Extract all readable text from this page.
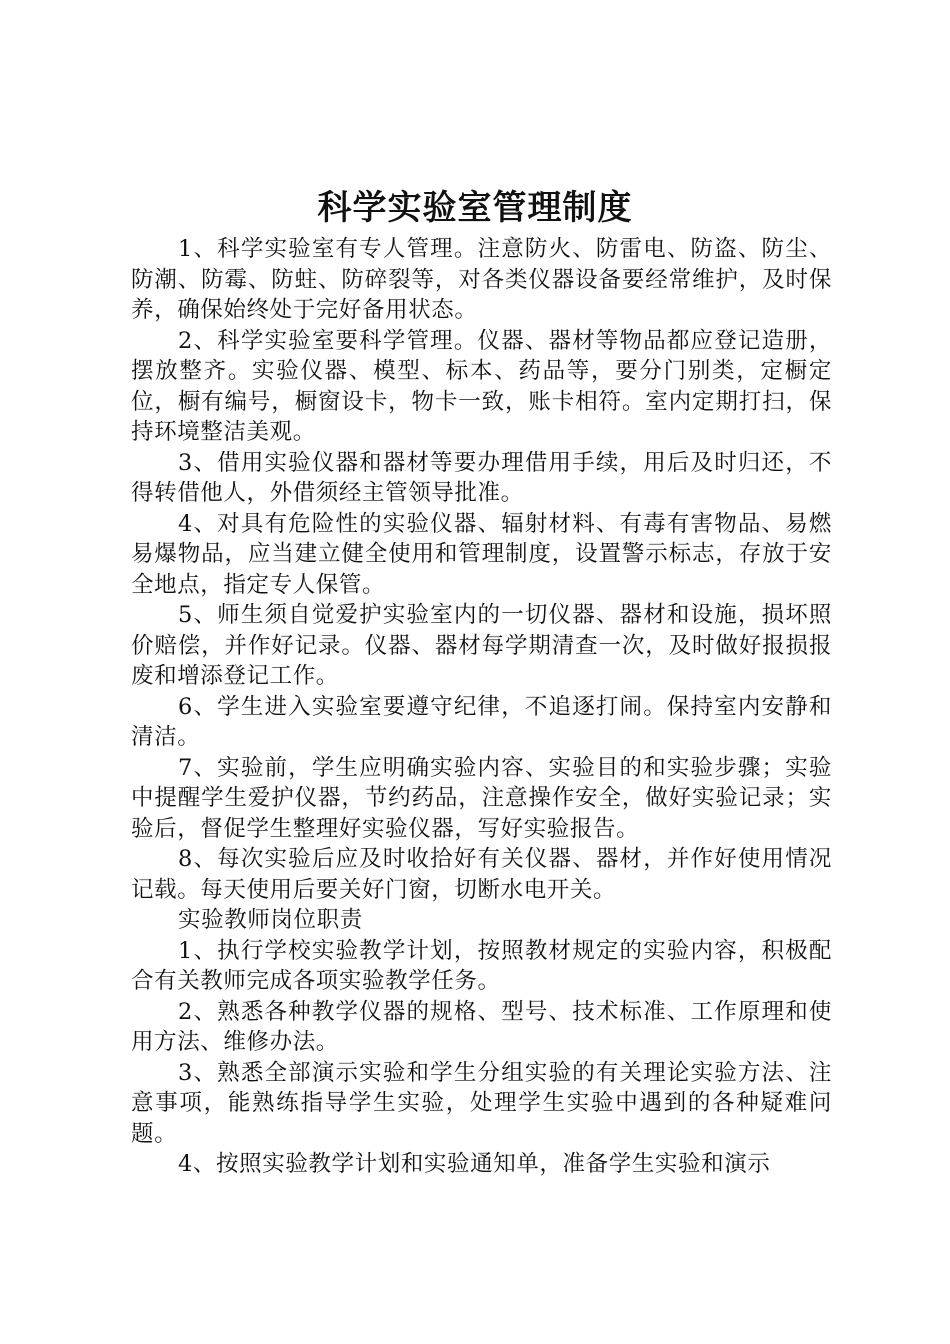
科学实验室管理制度

1、科学实验室有专人管理。注意防火、防雷电、防盗、防尘、防潮、防霉、防蛀、防碎裂等，对各类仪器设备要经常维护，及时保养，确保始终处于完好备用状态。

2、科学实验室要科学管理。仪器、器材等物品都应登记造册，摆放整齐。实验仪器、模型、标本、药品等，要分门别类，定橱定位，橱有编号，橱窗设卡，物卡一致，账卡相符。室内定期打扫，保持环境整洁美观。

3、借用实验仪器和器材等要办理借用手续，用后及时归还，不得转借他人，外借须经主管领导批准。

4、对具有危险性的实验仪器、辐射材料、有毒有害物品、易燃易爆物品，应当建立健全使用和管理制度，设置警示标志，存放于安全地点，指定专人保管。

5、师生须自觉爱护实验室内的一切仪器、器材和设施，损坏照价赔偿，并作好记录。仪器、器材每学期清查一次，及时做好报损报废和增添登记工作。

6、学生进入实验室要遵守纪律，不追逐打闹。保持室内安静和清洁。

7、实验前，学生应明确实验内容、实验目的和实验步骤；实验中提醒学生爱护仪器，节约药品，注意操作安全，做好实验记录；实验后，督促学生整理好实验仪器，写好实验报告。

8、每次实验后应及时收拾好有关仪器、器材，并作好使用情况记载。每天使用后要关好门窗，切断水电开关。

实验教师岗位职责

1、执行学校实验教学计划，按照教材规定的实验内容，积极配合有关教师完成各项实验教学任务。

2、熟悉各种教学仪器的规格、型号、技术标准、工作原理和使用方法、维修办法。

3、熟悉全部演示实验和学生分组实验的有关理论实验方法、注意事项，能熟练指导学生实验，处理学生实验中遇到的各种疑难问题。

4、按照实验教学计划和实验通知单，准备学生实验和演示
